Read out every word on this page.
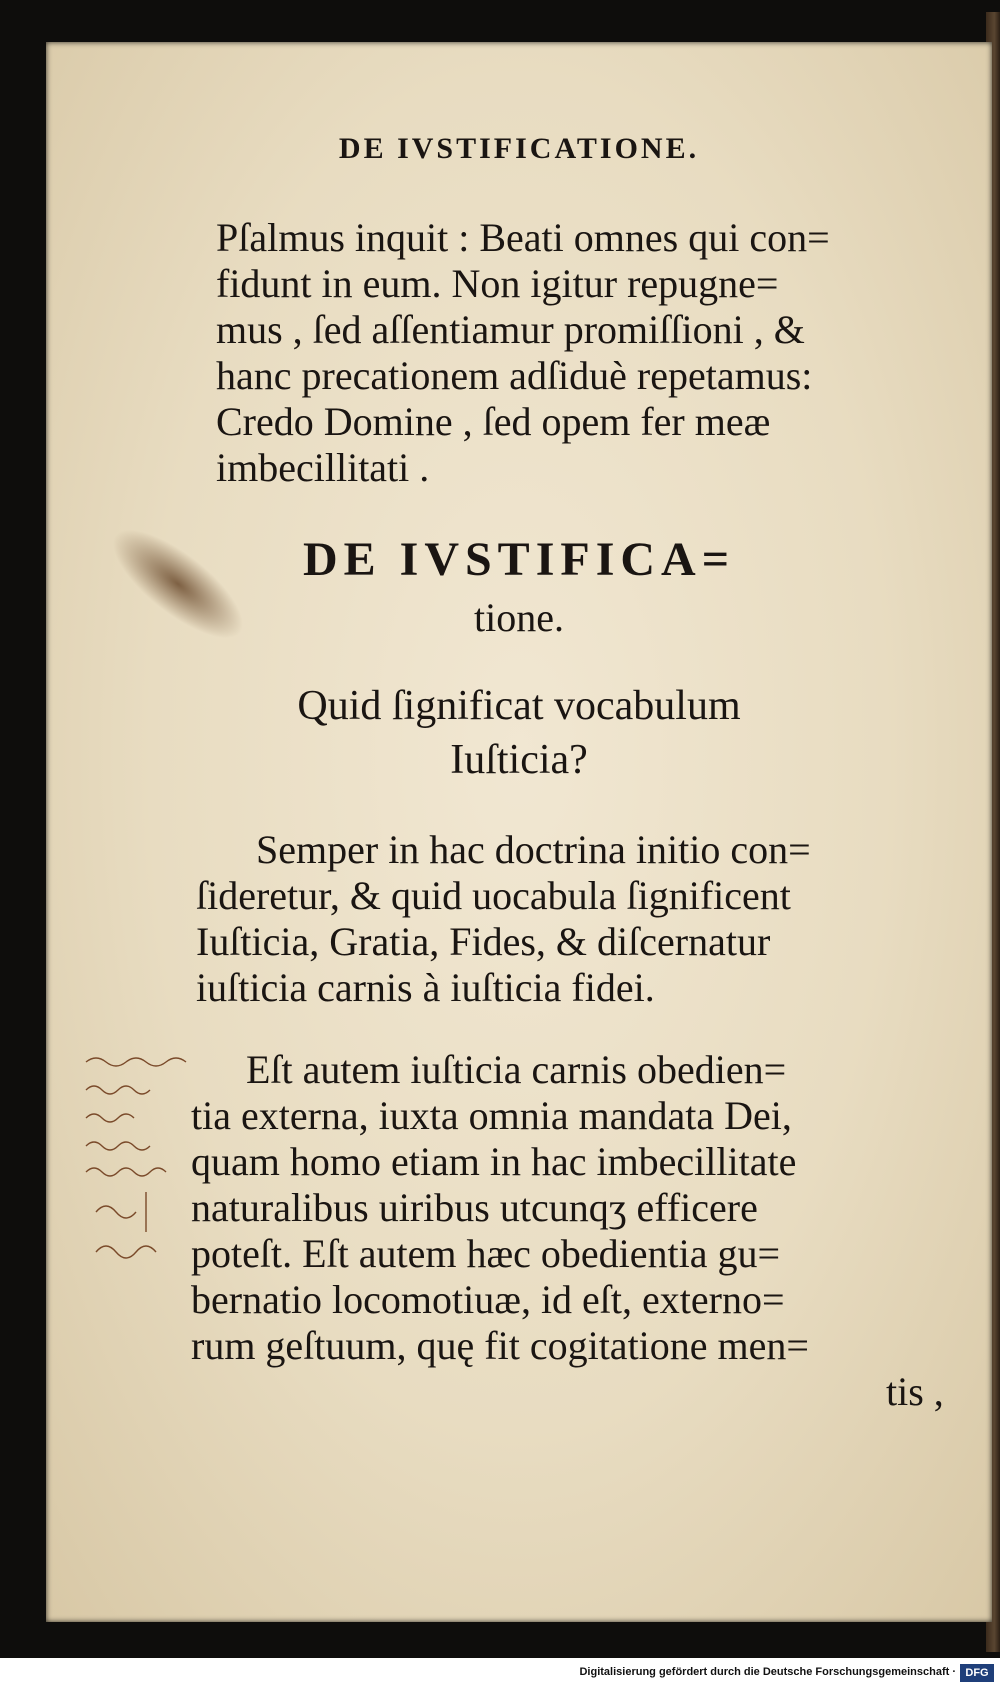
DE IVSTIFICATIONE.
Pſalmus inquit : Beati omnes qui con=
fidunt in eum. Non igitur repugne=
mus , ſed aſſentiamur promiſſioni , &
hanc precationem adſiduè repetamus:
Credo Domine , ſed opem fer meæ
imbecillitati .
DE IVSTIFICA=
tione.
Quid ſignificat vocabulum
Iuſticia?
Semper in hac doctrina initio con=
ſideretur, & quid uocabula ſignificent
Iuſticia, Gratia, Fides, & diſcernatur
iuſticia carnis à iuſticia fidei.
Eſt autem iuſticia carnis obedien=
tia externa, iuxta omnia mandata Dei,
quam homo etiam in hac imbecillitate
naturalibus uiribus utcunqʒ efficere
poteſt. Eſt autem hæc obedientia gu=
bernatio locomotiuæ, id eſt, externo=
rum geſtuum, quę fit cogitatione men=
tis ,
Digitalisierung gefördert durch die Deutsche Forschungsgemeinschaft · DFG
